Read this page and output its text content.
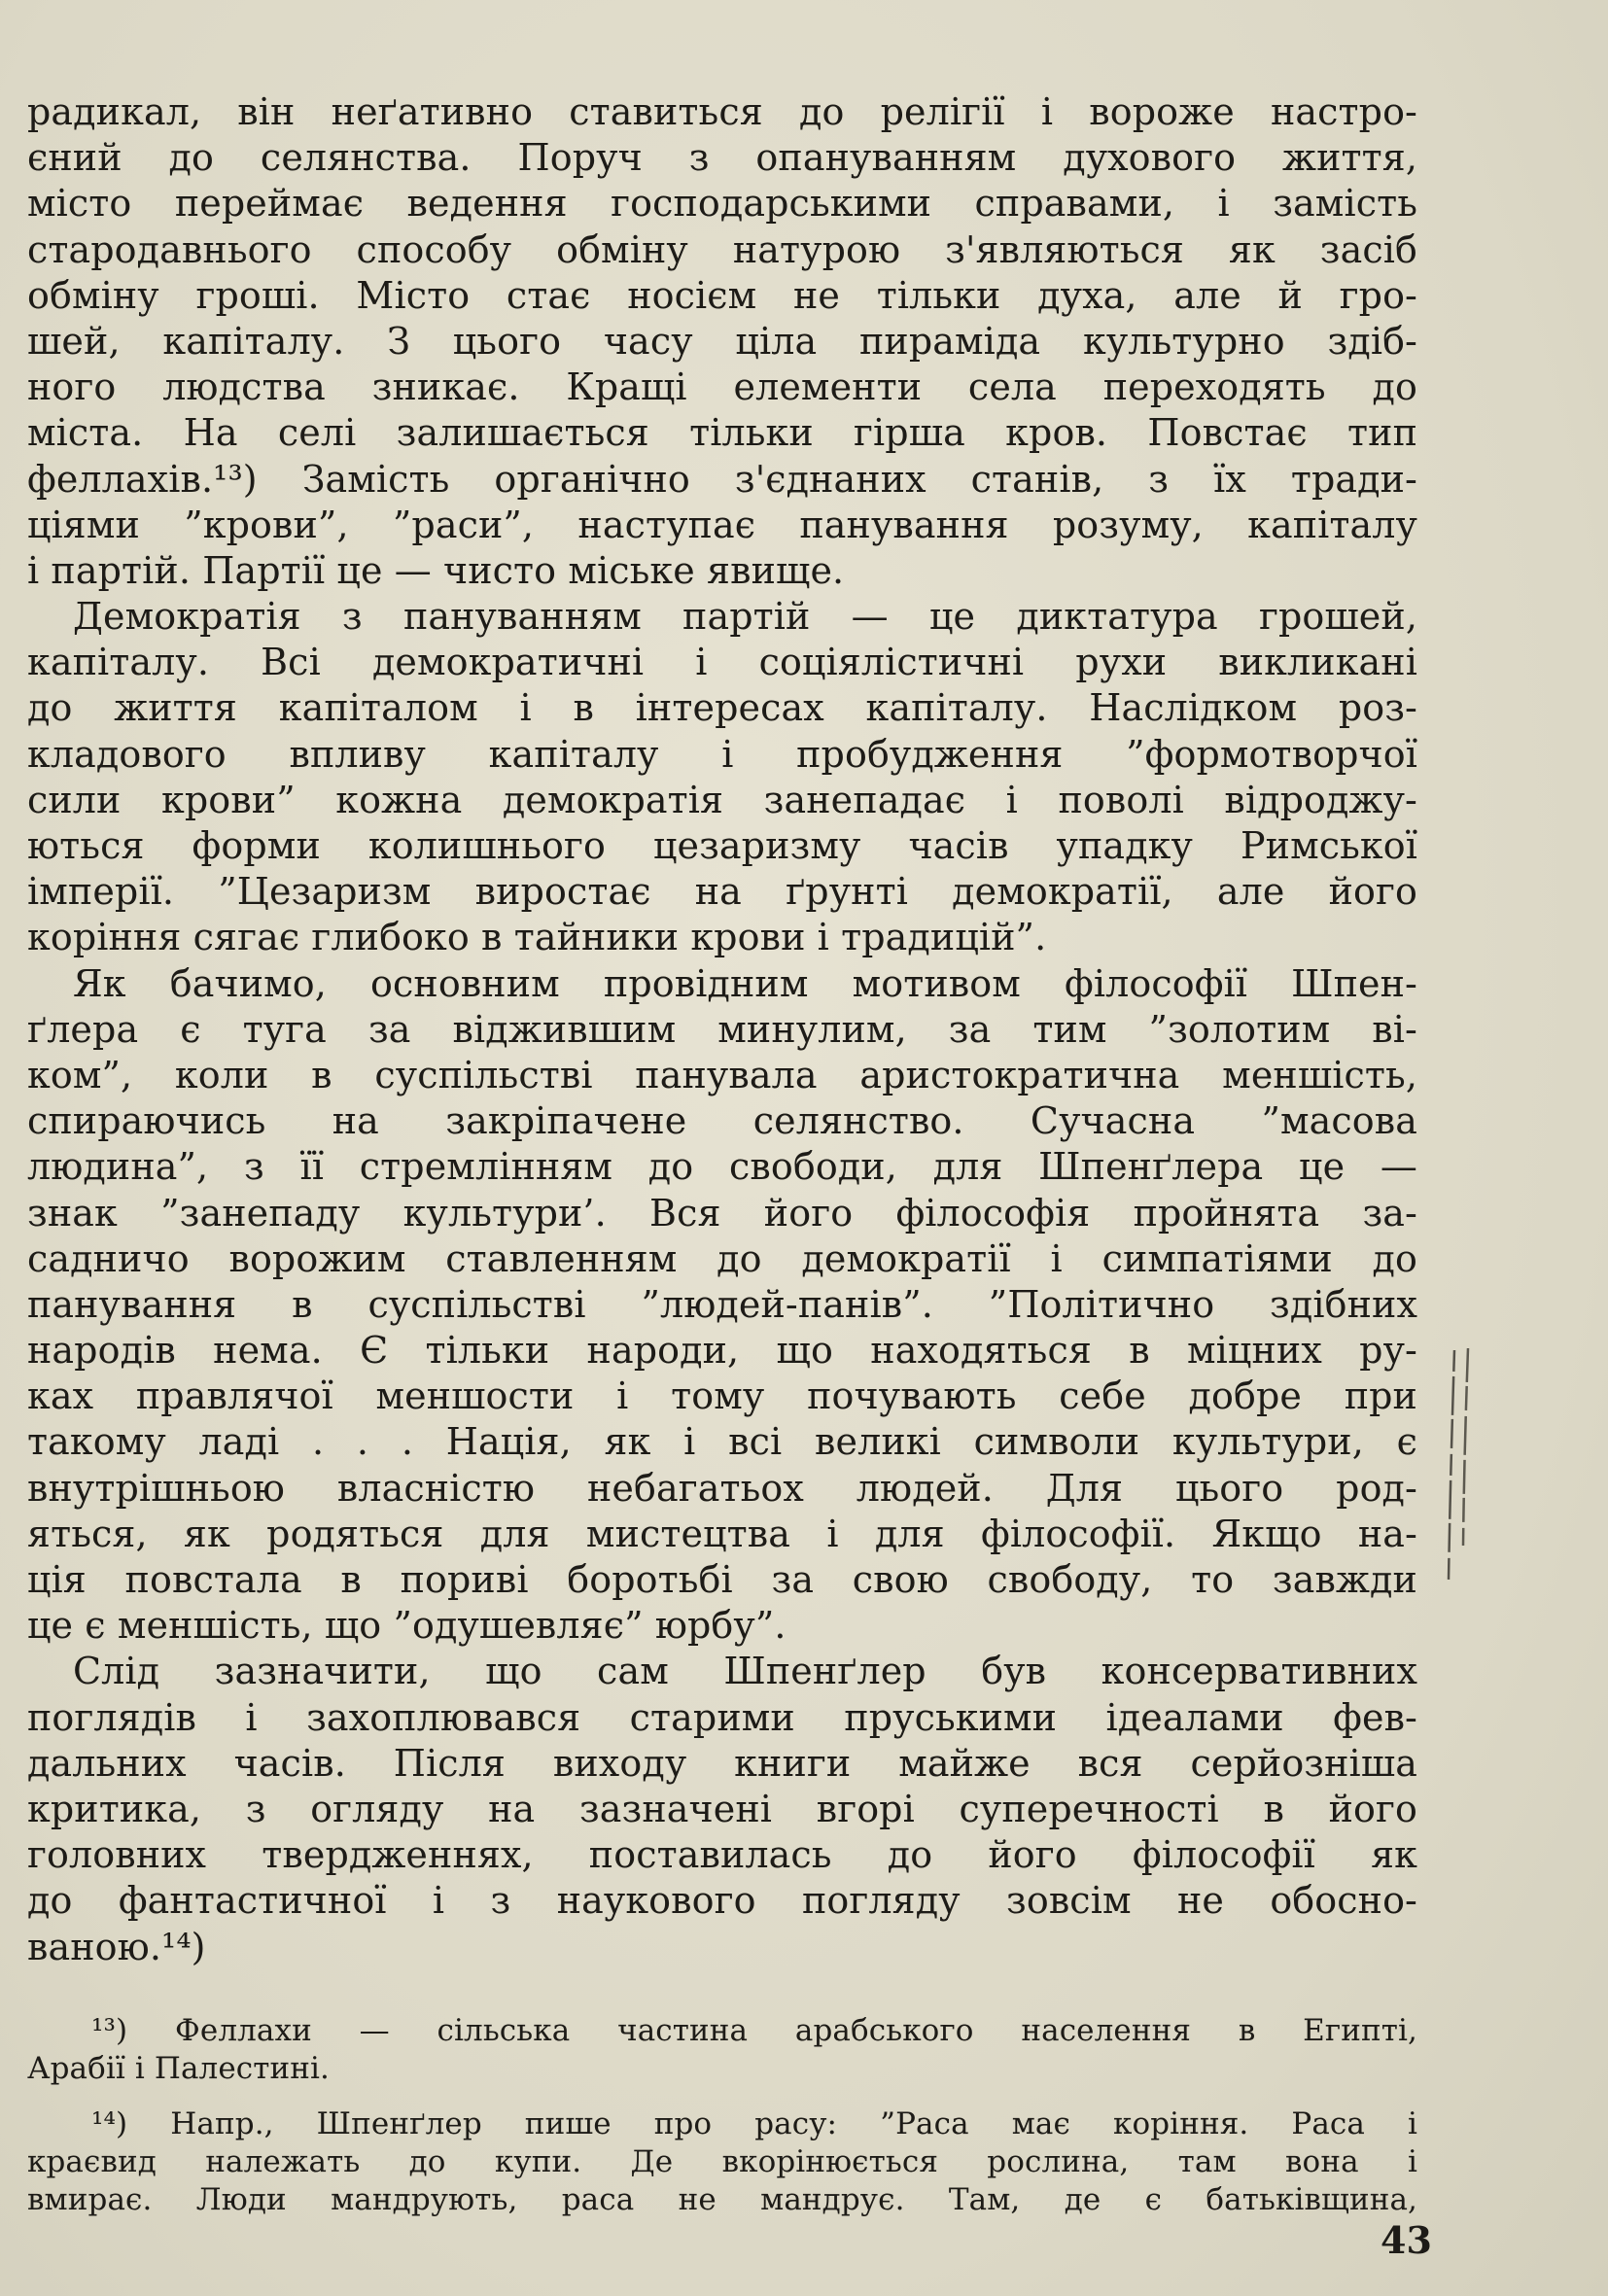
радикал, він неґативно ставиться до релігії і вороже настро-
єний до селянства. Поруч з опануванням духового життя,
місто переймає ведення господарськими справами, і замість
стародавнього способу обміну натурою з'являються як засіб
обміну гроші. Місто стає носієм не тільки духа, але й гро-
шей, капіталу. З цього часу ціла пираміда культурно здіб-
ного людства зникає. Кращі елементи села переходять до
міста. На селі залишається тільки гірша кров. Повстає тип
феллахів.¹³) Замість органічно з'єднаних станів, з їх тради-
ціями ”крови”, ”раси”, наступає панування розуму, капіталу
і партій. Партії це — чисто міське явище.
Демократія з пануванням партій — це диктатура грошей,
капіталу. Всі демократичні і соціялістичні рухи викликані
до життя капіталом і в інтересах капіталу. Наслідком роз-
кладового впливу капіталу і пробудження ”формотворчої
сили крови” кожна демократія занепадає і поволі відроджу-
ються форми колишнього цезаризму часів упадку Римської
імперії. ”Цезаризм виростає на ґрунті демократії, але його
коріння сягає глибоко в тайники крови і традицій”.
Як бачимо, основним провідним мотивом філософії Шпен-
ґлера є туга за віджившим минулим, за тим ”золотим ві-
ком”, коли в суспільстві панувала аристократична меншість,
спираючись на закріпачене селянство. Сучасна ”масова
людина”, з її стремлінням до свободи, для Шпенґлера це —
знак ”занепаду культури’. Вся його філософія пройнята за-
садничо ворожим ставленням до демократії і симпатіями до
панування в суспільстві ”людей-панів”. ”Політично здібних
народів нема. Є тільки народи, що находяться в міцних ру-
ках правлячої меншости і тому почувають себе добре при
такому ладі . . . Нація, як і всі великі символи культури, є
внутрішньою власністю небагатьох людей. Для цього род-
яться, як родяться для мистецтва і для філософії. Якщо на-
ція повстала в пориві боротьбі за свою свободу, то завжди
це є меншість, що ”одушевляє” юрбу”.
Слід зазначити, що сам Шпенґлер був консервативних
поглядів і захоплювався старими пруськими ідеалами фев-
дальних часів. Після виходу книги майже вся серйозніша
критика, з огляду на зазначені вгорі суперечності в його
головних твердженнях, поставилась до його філософії як
до фантастичної і з наукового погляду зовсім не обосно-
ваною.¹⁴)
¹³) Феллахи — сільська частина арабського населення в Египті,
Арабії і Палестині.
¹⁴) Напр., Шпенґлер пише про расу: ”Раса має коріння. Раса і
краєвид належать до купи. Де вкорінюється рослина, там вона і
вмирає. Люди мандрують, раса не мандрує. Там, де є батьківщина,
43
